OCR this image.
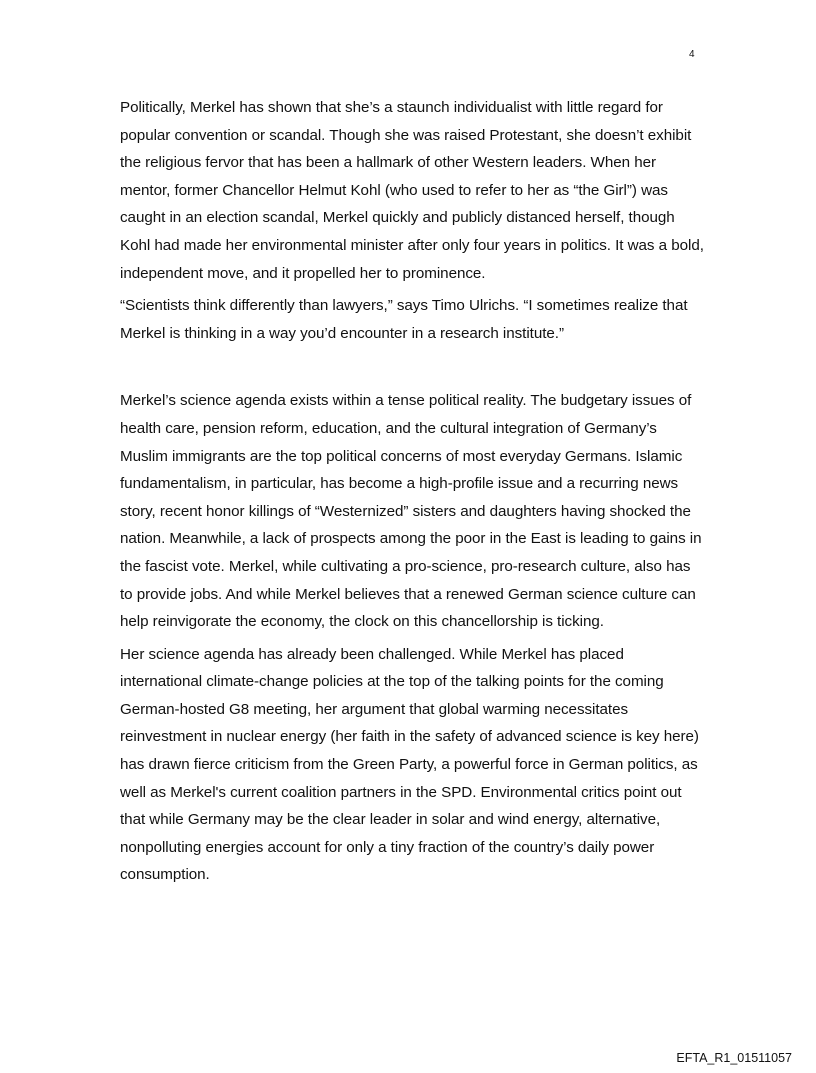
4

Politically, Merkel has shown that she’s a staunch individualist with little regard for popular convention or scandal. Though she was raised Protestant, she doesn’t exhibit the religious fervor that has been a hallmark of other Western leaders. When her mentor, former Chancellor Helmut Kohl (who used to refer to her as “the Girl”) was caught in an election scandal, Merkel quickly and publicly distanced herself, though Kohl had made her environmental minister after only four years in politics. It was a bold, independent move, and it propelled her to prominence.

“Scientists think differently than lawyers,” says Timo Ulrichs. “I sometimes realize that Merkel is thinking in a way you’d encounter in a research institute.”

Merkel’s science agenda exists within a tense political reality. The budgetary issues of health care, pension reform, education, and the cultural integration of Germany’s Muslim immigrants are the top political concerns of most everyday Germans. Islamic fundamentalism, in particular, has become a high-profile issue and a recurring news story, recent honor killings of “Westernized” sisters and daughters having shocked the nation. Meanwhile, a lack of prospects among the poor in the East is leading to gains in the fascist vote. Merkel, while cultivating a pro-science, pro-research culture, also has to provide jobs. And while Merkel believes that a renewed German science culture can help reinvigorate the economy, the clock on this chancellorship is ticking.

Her science agenda has already been challenged. While Merkel has placed international climate-change policies at the top of the talking points for the coming German-hosted G8 meeting, her argument that global warming necessitates reinvestment in nuclear energy (her faith in the safety of advanced science is key here) has drawn fierce criticism from the Green Party, a powerful force in German politics, as well as Merkel's current coalition partners in the SPD. Environmental critics point out that while Germany may be the clear leader in solar and wind energy, alternative, nonpolluting energies account for only a tiny fraction of the country’s daily power consumption.

EFTA_R1_01511057
